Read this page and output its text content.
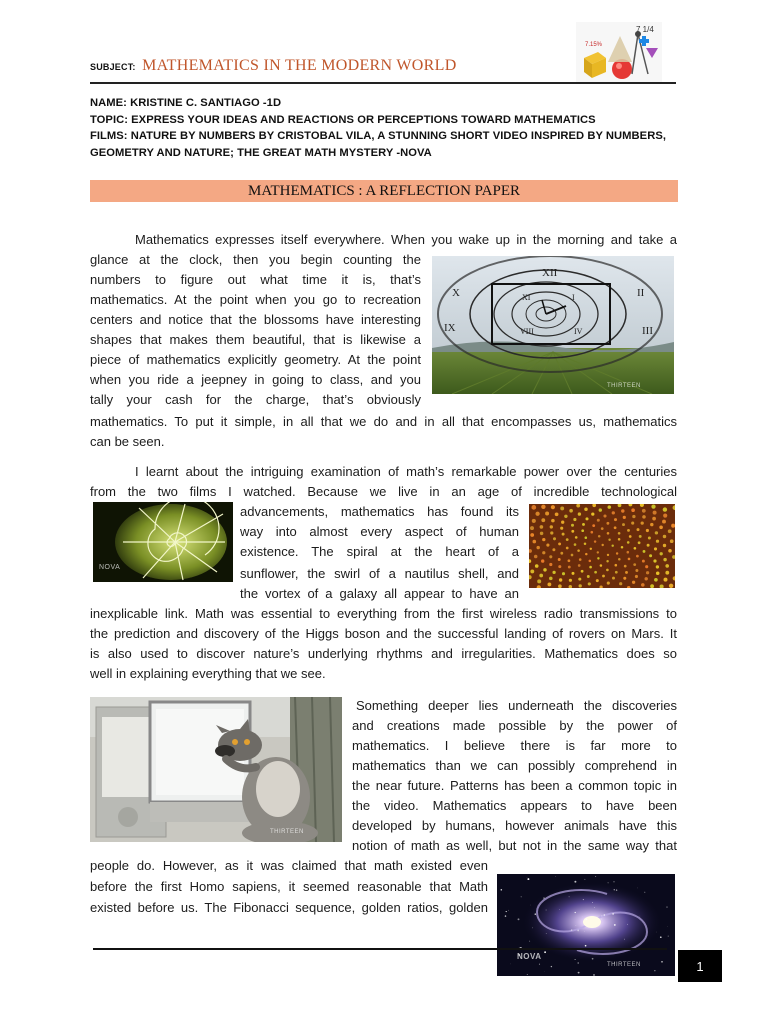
SUBJECT: MATHEMATICS IN THE MODERN WORLD
7.15%
7 1/4
NAME: KRISTINE C. SANTIAGO -1D
TOPIC: EXPRESS YOUR IDEAS AND REACTIONS OR PERCEPTIONS TOWARD MATHEMATICS
FILMS: NATURE BY NUMBERS BY CRISTOBAL VILA, A STUNNING SHORT VIDEO INSPIRED BY NUMBERS,
GEOMETRY AND NATURE; THE GREAT MATH MYSTERY -NOVA
MATHEMATICS : A REFLECTION PAPER
Mathematics expresses itself everywhere. When you wake up in the morning and take a
glance at the clock, then you begin counting the
numbers to figure out what time it is, that’s
mathematics. At the point when you go to recreation
centers and notice that the blossoms have interesting
shapes that makes them beautiful, that is likewise a
piece of mathematics explicitly geometry. At the point
when you ride a jeepney in going to class, and you
tally your cash for the charge, that’s obviously
mathematics. To put it simple, in all that we do and in all that encompasses us, mathematics
can be seen.
X	II
IX	III
XII
XI	I
VIII	IV
THIRTEEN
I learnt about the intriguing examination of math’s remarkable power over the centuries
from the two films I watched. Because we live in an age of incredible technological
advancements, mathematics has found its
way into almost every aspect of human
existence. The spiral at the heart of a
sunflower, the swirl of a nautilus shell, and
the vortex of a galaxy all appear to have an
inexplicable link. Math was essential to everything from the first wireless radio transmissions to
the prediction and discovery of the Higgs boson and the successful landing of rovers on Mars. It
is also used to discover nature’s underlying rhythms and irregularities. Mathematics does so
well in explaining everything that we see.
NOVA
Something deeper lies underneath the discoveries
and creations made possible by the power of
mathematics. I believe there is far more to
mathematics than we can possibly comprehend in
the near future. Patterns has been a common topic in
the video. Mathematics appears to have been
developed by humans, however animals have this
notion of math as well, but not in the same way that
people do. However, as it was claimed that math existed even
before the first Homo sapiens, it seemed reasonable that Math
existed before us. The Fibonacci sequence, golden ratios, golden
THIRTEEN
NOVA
THIRTEEN	1
